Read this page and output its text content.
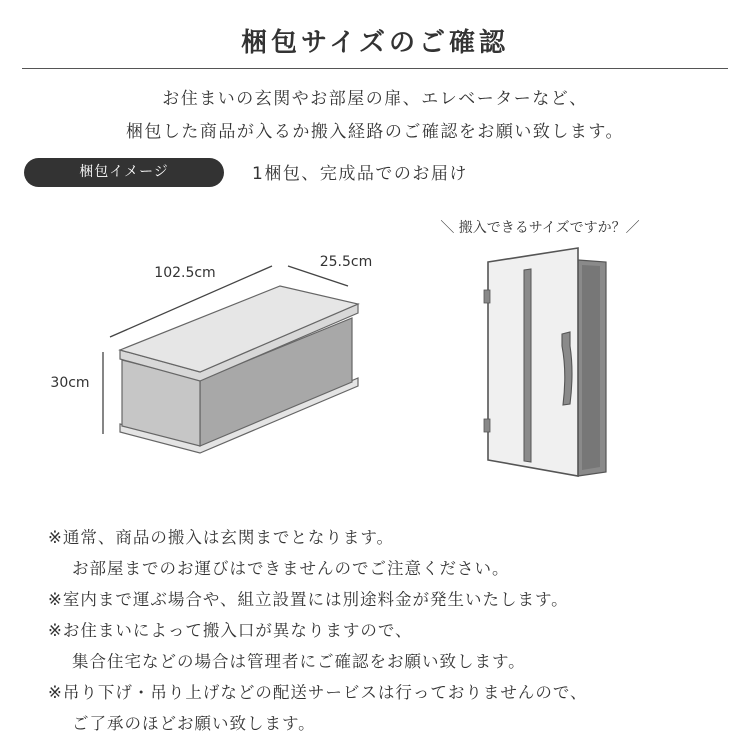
梱包サイズのご確認
お住まいの玄関やお部屋の扉、エレベーターなど、
梱包した商品が入るか搬入経路のご確認をお願い致します。
梱包イメージ	1梱包、完成品でのお届け
102.5cm
25.5cm
30cm
＼ 搬入できるサイズですか？／
※通常、商品の搬入は玄関までとなります。
お部屋までのお運びはできませんのでご注意ください。
※室内まで運ぶ場合や、組立設置には別途料金が発生いたします。
※お住まいによって搬入口が異なりますので、
集合住宅などの場合は管理者にご確認をお願い致します。
※吊り下げ・吊り上げなどの配送サービスは行っておりませんので、
ご了承のほどお願い致します。
